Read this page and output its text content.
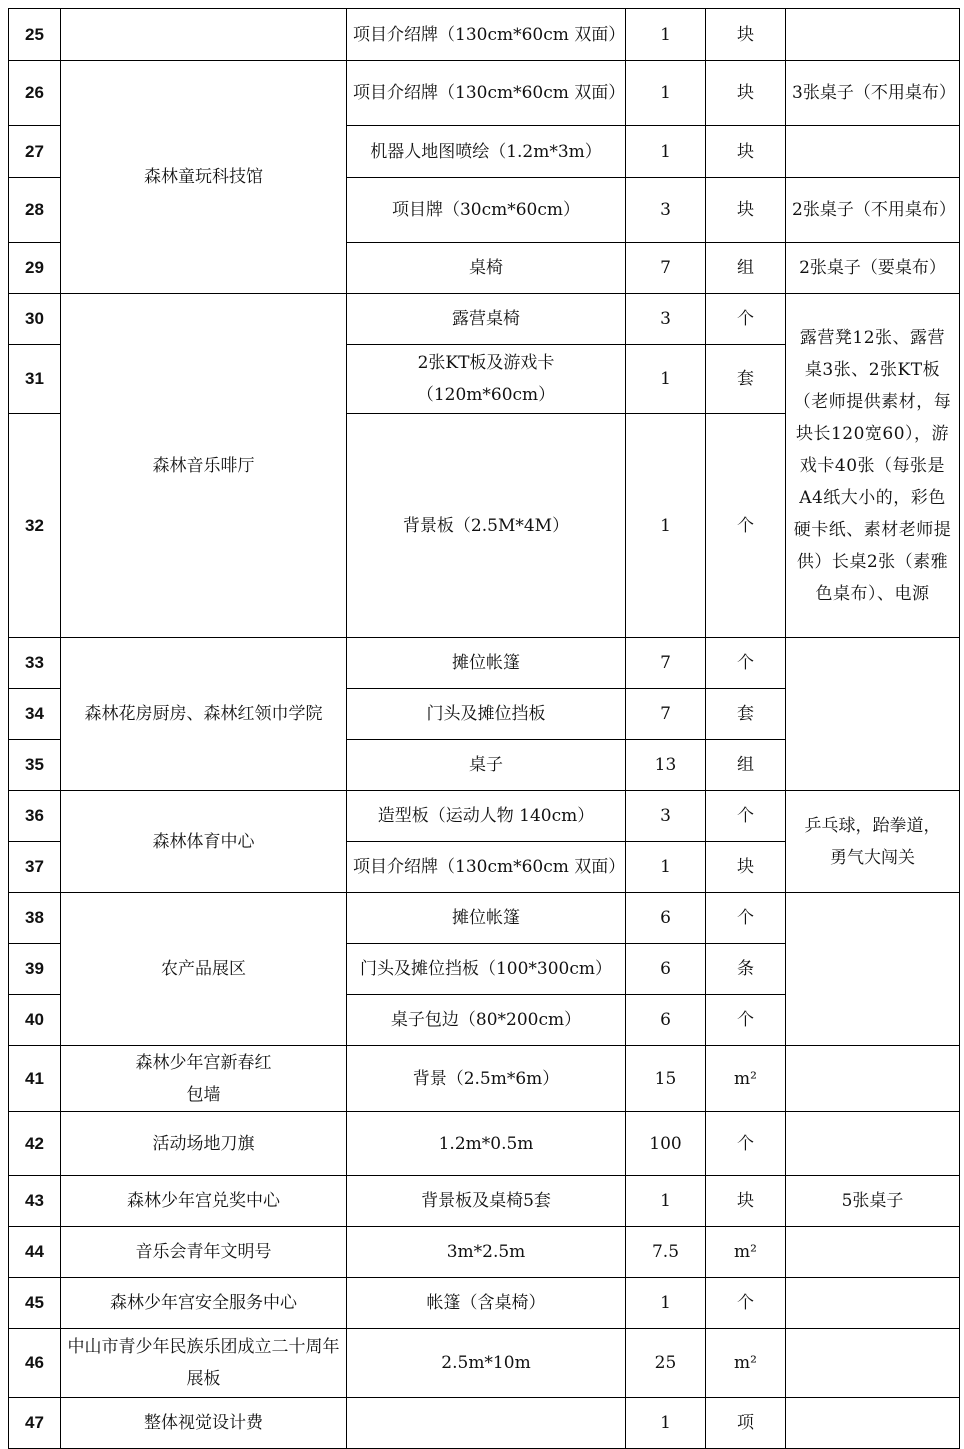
25		项目介绍牌（130cm*60cm 双面）	1	块	
26	森林童玩科技馆	项目介绍牌（130cm*60cm 双面）	1	块	3张桌子（不用桌布）
27		机器人地图喷绘（1.2m*3m）	1	块	
28		项目牌（30cm*60cm）	3	块	2张桌子（不用桌布）
29		桌椅	7	组	2张桌子（要桌布）
30	森林音乐啡厅	露营桌椅	3	个	露营凳12张、露营桌3张、2张KT板（老师提供素材，每块长120宽60），游戏卡40张（每张是A4纸大小的，彩色硬卡纸、素材老师提供）长桌2张（素雅色桌布）、电源
31		2张KT板及游戏卡（120m*60cm）	1	套	
32		背景板（2.5M*4M）	1	个	
33	森林花房厨房、森林红领巾学院	摊位帐篷	7	个	
34		门头及摊位挡板	7	套	
35		桌子	13	组	
36	森林体育中心	造型板（运动人物 140cm）	3	个	乒乓球，跆拳道，勇气大闯关
37		项目介绍牌（130cm*60cm 双面）	1	块	
38	农产品展区	摊位帐篷	6	个	
39		门头及摊位挡板（100*300cm）	6	条	
40		桌子包边（80*200cm）	6	个	
41	森林少年宫新春红包墙	背景（2.5m*6m）	15	m²	
42	活动场地刀旗	1.2m*0.5m	100	个	
43	森林少年宫兑奖中心	背景板及桌椅5套	1	块	5张桌子
44	音乐会青年文明号	3m*2.5m	7.5	m²	
45	森林少年宫安全服务中心	帐篷（含桌椅）	1	个	
46	中山市青少年民族乐团成立二十周年展板	2.5m*10m	25	m²	
47	整体视觉设计费		1	项	
